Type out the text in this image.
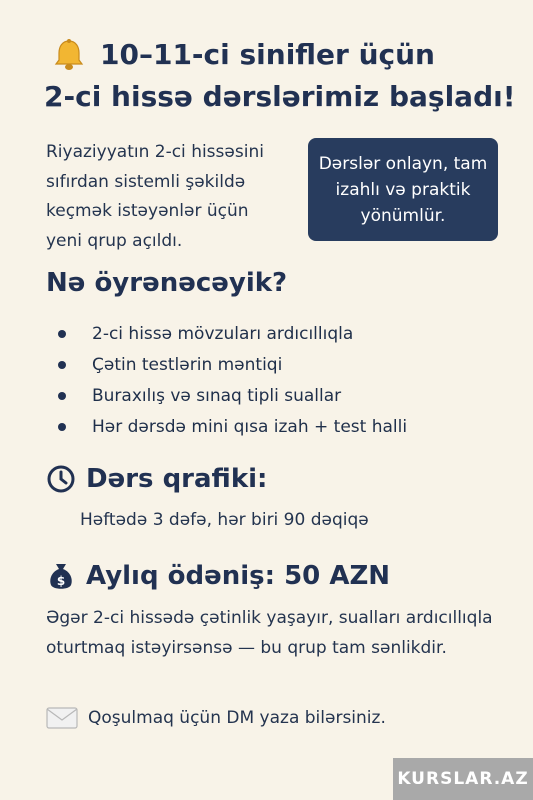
10–11-ci sinifler üçün
2-ci hissə dərslərimiz başladı!
Riyaziyyatın 2-ci hissəsini sıfırdan sistemli şəkildə keçmək istəyənlər üçün yeni qrup açıldı.
Dərslər onlayn, tam izahlı və praktik yönümlür.
Nə öyrənəcəyik?
2-ci hissə mövzuları ardıcıllıqla
Çətin testlərin məntiqi
Buraxılış və sınaq tipli suallar
Hər dərsdə mini qısa izah + test halli
Dərs qrafiki:
Həftədə 3 dəfə, hər biri 90 dəqiqə
$ Aylıq ödəniş: 50 AZN
Əgər 2-ci hissədə çətinlik yaşayır, sualları ardıcıllıqla oturtmaq istəyirsənsə — bu qrup tam sənlikdir.
Qoşulmaq üçün DM yaza bilərsiniz.
KURSLAR.AZ
